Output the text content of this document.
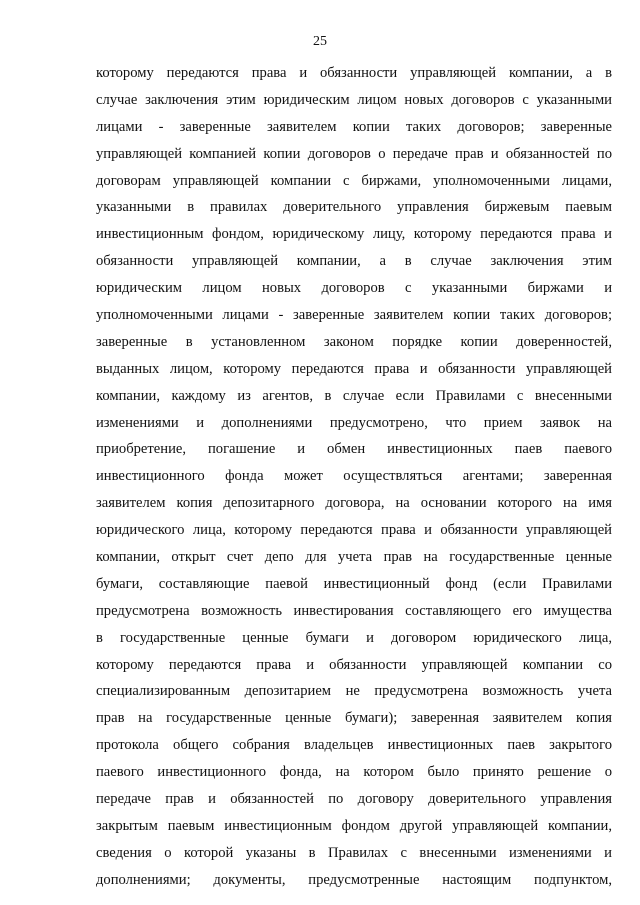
25
которому передаются права и обязанности управляющей компании, а в
случае заключения этим юридическим лицом новых договоров с указанными
лицами - заверенные заявителем копии таких договоров; заверенные
управляющей компанией копии договоров о передаче прав и обязанностей по
договорам управляющей компании с биржами, уполномоченными лицами,
указанными в правилах доверительного управления биржевым паевым
инвестиционным фондом, юридическому лицу, которому передаются права и
обязанности управляющей компании, а в случае заключения этим
юридическим лицом новых договоров с указанными биржами и
уполномоченными лицами - заверенные заявителем копии таких договоров;
заверенные в установленном законом порядке копии доверенностей,
выданных лицом, которому передаются права и обязанности управляющей
компании, каждому из агентов, в случае если Правилами с внесенными
изменениями и дополнениями предусмотрено, что прием заявок на
приобретение, погашение и обмен инвестиционных паев паевого
инвестиционного фонда может осуществляться агентами; заверенная
заявителем копия депозитарного договора, на основании которого на имя
юридического лица, которому передаются права и обязанности управляющей
компании, открыт счет депо для учета прав на государственные ценные
бумаги, составляющие паевой инвестиционный фонд (если Правилами
предусмотрена возможность инвестирования составляющего его имущества
в государственные ценные бумаги и договором юридического лица,
которому передаются права и обязанности управляющей компании со
специализированным депозитарием не предусмотрена возможность учета
прав на государственные ценные бумаги); заверенная заявителем копия
протокола общего собрания владельцев инвестиционных паев закрытого
паевого инвестиционного фонда, на котором было принято решение о
передаче прав и обязанностей по договору доверительного управления
закрытым паевым инвестиционным фондом другой управляющей компании,
сведения о которой указаны в Правилах с внесенными изменениями и
дополнениями; документы, предусмотренные настоящим подпунктом,
